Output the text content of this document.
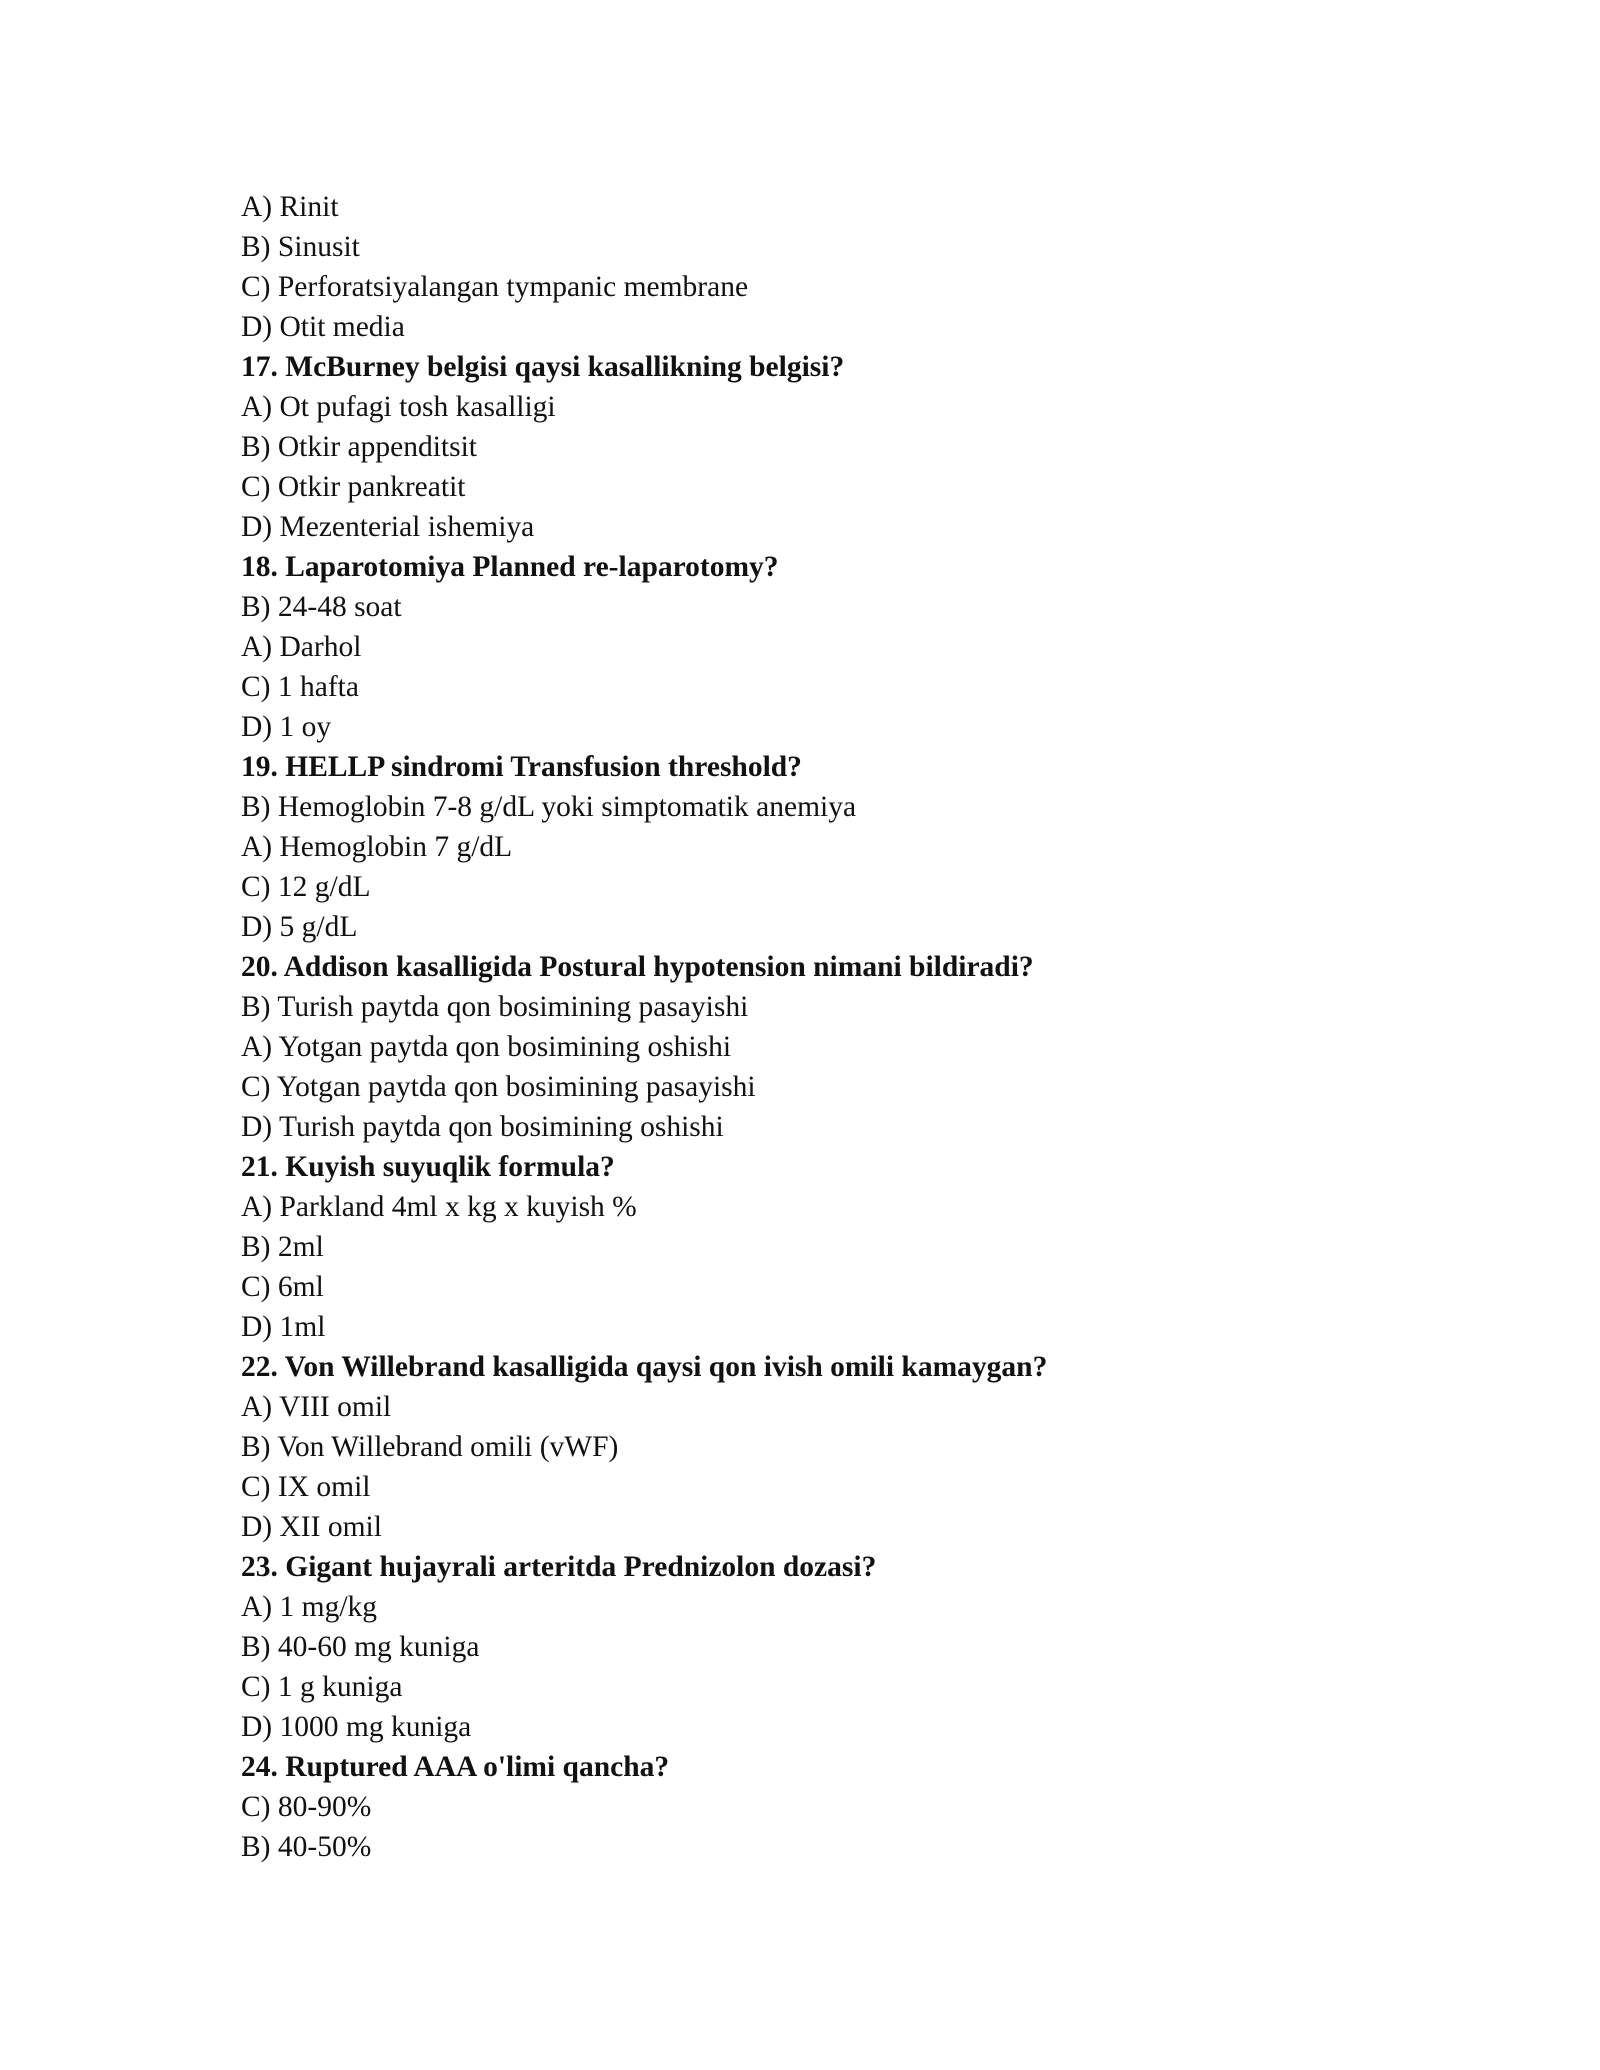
A) Rinit
B) Sinusit
C) Perforatsiyalangan tympanic membrane
D) Otit media
17. McBurney belgisi qaysi kasallikning belgisi?
A) Ot pufagi tosh kasalligi
B) Otkir appenditsit
C) Otkir pankreatit
D) Mezenterial ishemiya
18. Laparotomiya Planned re-laparotomy?
B) 24-48 soat
A) Darhol
C) 1 hafta
D) 1 oy
19. HELLP sindromi Transfusion threshold?
B) Hemoglobin 7-8 g/dL yoki simptomatik anemiya
A) Hemoglobin 7 g/dL
C) 12 g/dL
D) 5 g/dL
20. Addison kasalligida Postural hypotension nimani bildiradi?
B) Turish paytda qon bosimining pasayishi
A) Yotgan paytda qon bosimining oshishi
C) Yotgan paytda qon bosimining pasayishi
D) Turish paytda qon bosimining oshishi
21. Kuyish suyuqlik formula?
A) Parkland 4ml x kg x kuyish %
B) 2ml
C) 6ml
D) 1ml
22. Von Willebrand kasalligida qaysi qon ivish omili kamaygan?
A) VIII omil
B) Von Willebrand omili (vWF)
C) IX omil
D) XII omil
23. Gigant hujayrali arteritda Prednizolon dozasi?
A) 1 mg/kg
B) 40-60 mg kuniga
C) 1 g kuniga
D) 1000 mg kuniga
24. Ruptured AAA o'limi qancha?
C) 80-90%
B) 40-50%
